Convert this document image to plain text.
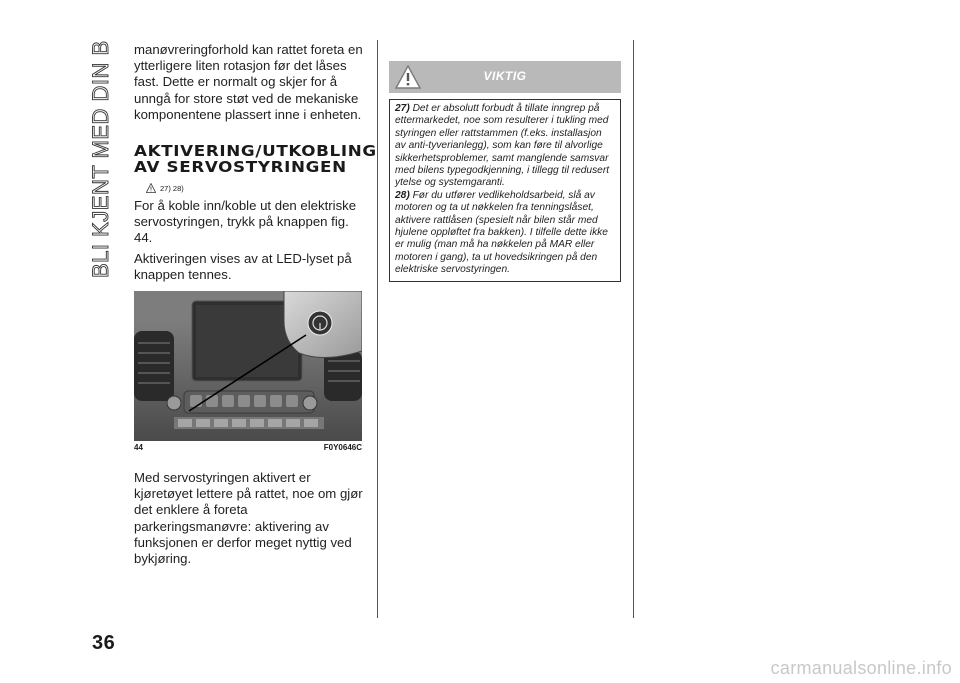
BLI KJENT MED DIN BIL
36

manøvreringforhold kan rattet foreta en ytterligere liten rotasjon før det låses fast. Dette er normalt og skjer for å unngå for store støt ved de mekaniske komponentene plassert inne i enheten.

AKTIVERING/UTKOBLING AV SERVOSTYRINGEN
27) 28)

For å koble inn/koble ut den elektriske servostyringen, trykk på knappen fig. 44.

Aktiveringen vises av at LED-lyset på knappen tennes.

44	F0Y0646C

Med servostyringen aktivert er kjøretøyet lettere på rattet, noe om gjør det enklere å foreta parkeringsmanøvre: aktivering av funksjonen er derfor meget nyttig ved bykjøring.

VIKTIG

27) Det er absolutt forbudt å tillate inngrep på ettermarkedet, noe som resulterer i tukling med styringen eller rattstammen (f.eks. installasjon av anti-tyverianlegg), som kan føre til alvorlige sikkerhetsproblemer, samt manglende samsvar med bilens typegodkjenning, i tillegg til redusert ytelse og systemgaranti.

28) Før du utfører vedlikeholdsarbeid, slå av motoren og ta ut nøkkelen fra tenningslåset, aktivere rattlåsen (spesielt når bilen står med hjulene oppløftet fra bakken). I tilfelle dette ikke er mulig (man må ha nøkkelen på MAR eller motoren i gang), ta ut hovedsikringen på den elektriske servostyringen.

carmanualsonline.info
